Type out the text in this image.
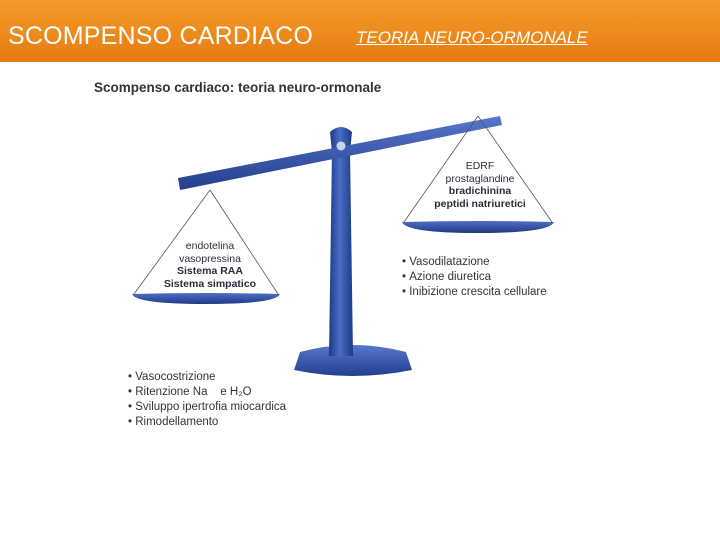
SCOMPENSO CARDIACO	TEORIA NEURO-ORMONALE
Scompenso cardiaco: teoria neuro-ormonale
endotelina
vasopressina
Sistema RAA
Sistema simpatico
EDRF
prostaglandine
bradichinina
peptidi natriuretici
• Vasocostrizione
• Ritenzione Na    e H₂O
• Sviluppo ipertrofia miocardica
• Rimodellamento
• Vasodilatazione
• Azione diuretica
• Inibizione crescita cellulare
